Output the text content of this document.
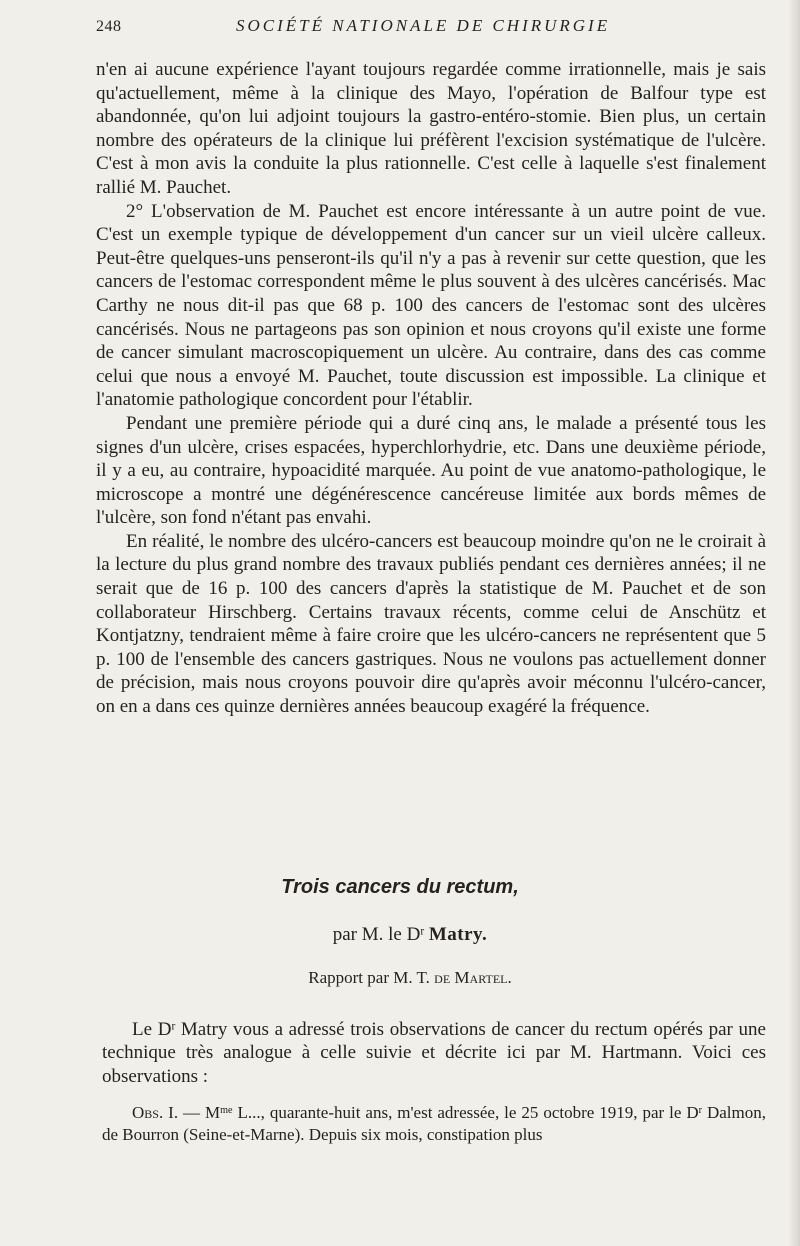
248	SOCIÉTÉ NATIONALE DE CHIRURGIE

n'en ai aucune expérience l'ayant toujours regardée comme irrationnelle, mais je sais qu'actuellement, même à la clinique des Mayo, l'opération de Balfour type est abandonnée, qu'on lui adjoint toujours la gastro-entéro-stomie. Bien plus, un certain nombre des opérateurs de la clinique lui préfèrent l'excision systématique de l'ulcère. C'est à mon avis la conduite la plus rationnelle. C'est celle à laquelle s'est finalement rallié M. Pauchet.

2° L'observation de M. Pauchet est encore intéressante à un autre point de vue. C'est un exemple typique de développement d'un cancer sur un vieil ulcère calleux. Peut-être quelques-uns penseront-ils qu'il n'y a pas à revenir sur cette question, que les cancers de l'estomac correspondent même le plus souvent à des ulcères cancérisés. Mac Carthy ne nous dit-il pas que 68 p. 100 des cancers de l'estomac sont des ulcères cancérisés. Nous ne partageons pas son opinion et nous croyons qu'il existe une forme de cancer simulant macroscopiquement un ulcère. Au contraire, dans des cas comme celui que nous a envoyé M. Pauchet, toute discussion est impossible. La clinique et l'anatomie pathologique concordent pour l'établir.

Pendant une première période qui a duré cinq ans, le malade a présenté tous les signes d'un ulcère, crises espacées, hyperchlorhydrie, etc. Dans une deuxième période, il y a eu, au contraire, hypoacidité marquée. Au point de vue anatomo-pathologique, le microscope a montré une dégénérescence cancéreuse limitée aux bords mêmes de l'ulcère, son fond n'étant pas envahi.

En réalité, le nombre des ulcéro-cancers est beaucoup moindre qu'on ne le croirait à la lecture du plus grand nombre des travaux publiés pendant ces dernières années; il ne serait que de 16 p. 100 des cancers d'après la statistique de M. Pauchet et de son collaborateur Hirschberg. Certains travaux récents, comme celui de Anschütz et Kontjatzny, tendraient même à faire croire que les ulcéro-cancers ne représentent que 5 p. 100 de l'ensemble des cancers gastriques. Nous ne voulons pas actuellement donner de précision, mais nous croyons pouvoir dire qu'après avoir méconnu l'ulcéro-cancer, on en a dans ces quinze dernières années beaucoup exagéré la fréquence.

Trois cancers du rectum,
par M. le $D^r$ Matry.
Rapport par M. T. de Martel.

Le $D^r$ Matry vous a adressé trois observations de cancer du rectum opérés par une technique très analogue à celle suivie et décrite ici par M. Hartmann. Voici ces observations :

Obs. I. — $M^{me}$ L..., quarante-huit ans, m'est adressée, le 25 octobre 1919, par le $D^r$ Dalmon, de Bourron (Seine-et-Marne). Depuis six mois, constipation plus
